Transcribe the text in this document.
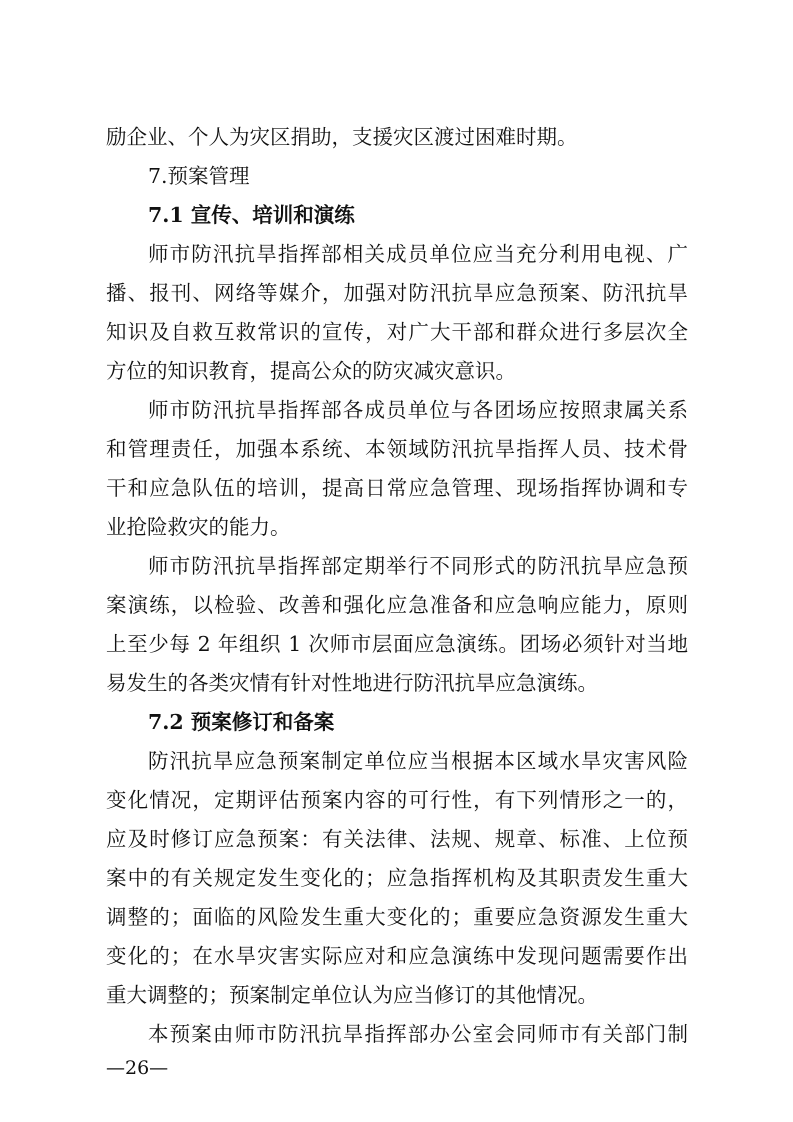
励企业、个人为灾区捐助，支援灾区渡过困难时期。
7.预案管理
7.1 宣传、培训和演练
师市防汛抗旱指挥部相关成员单位应当充分利用电视、广
播、报刊、网络等媒介，加强对防汛抗旱应急预案、防汛抗旱
知识及自救互救常识的宣传，对广大干部和群众进行多层次全
方位的知识教育，提高公众的防灾减灾意识。
师市防汛抗旱指挥部各成员单位与各团场应按照隶属关系
和管理责任，加强本系统、本领域防汛抗旱指挥人员、技术骨
干和应急队伍的培训，提高日常应急管理、现场指挥协调和专
业抢险救灾的能力。
师市防汛抗旱指挥部定期举行不同形式的防汛抗旱应急预
案演练，以检验、改善和强化应急准备和应急响应能力，原则
上至少每 2 年组织 1 次师市层面应急演练。团场必须针对当地
易发生的各类灾情有针对性地进行防汛抗旱应急演练。
7.2 预案修订和备案
防汛抗旱应急预案制定单位应当根据本区域水旱灾害风险
变化情况，定期评估预案内容的可行性，有下列情形之一的，
应及时修订应急预案：有关法律、法规、规章、标准、上位预
案中的有关规定发生变化的；应急指挥机构及其职责发生重大
调整的；面临的风险发生重大变化的；重要应急资源发生重大
变化的；在水旱灾害实际应对和应急演练中发现问题需要作出
重大调整的；预案制定单位认为应当修订的其他情况。
本预案由师市防汛抗旱指挥部办公室会同师市有关部门制
—26—
